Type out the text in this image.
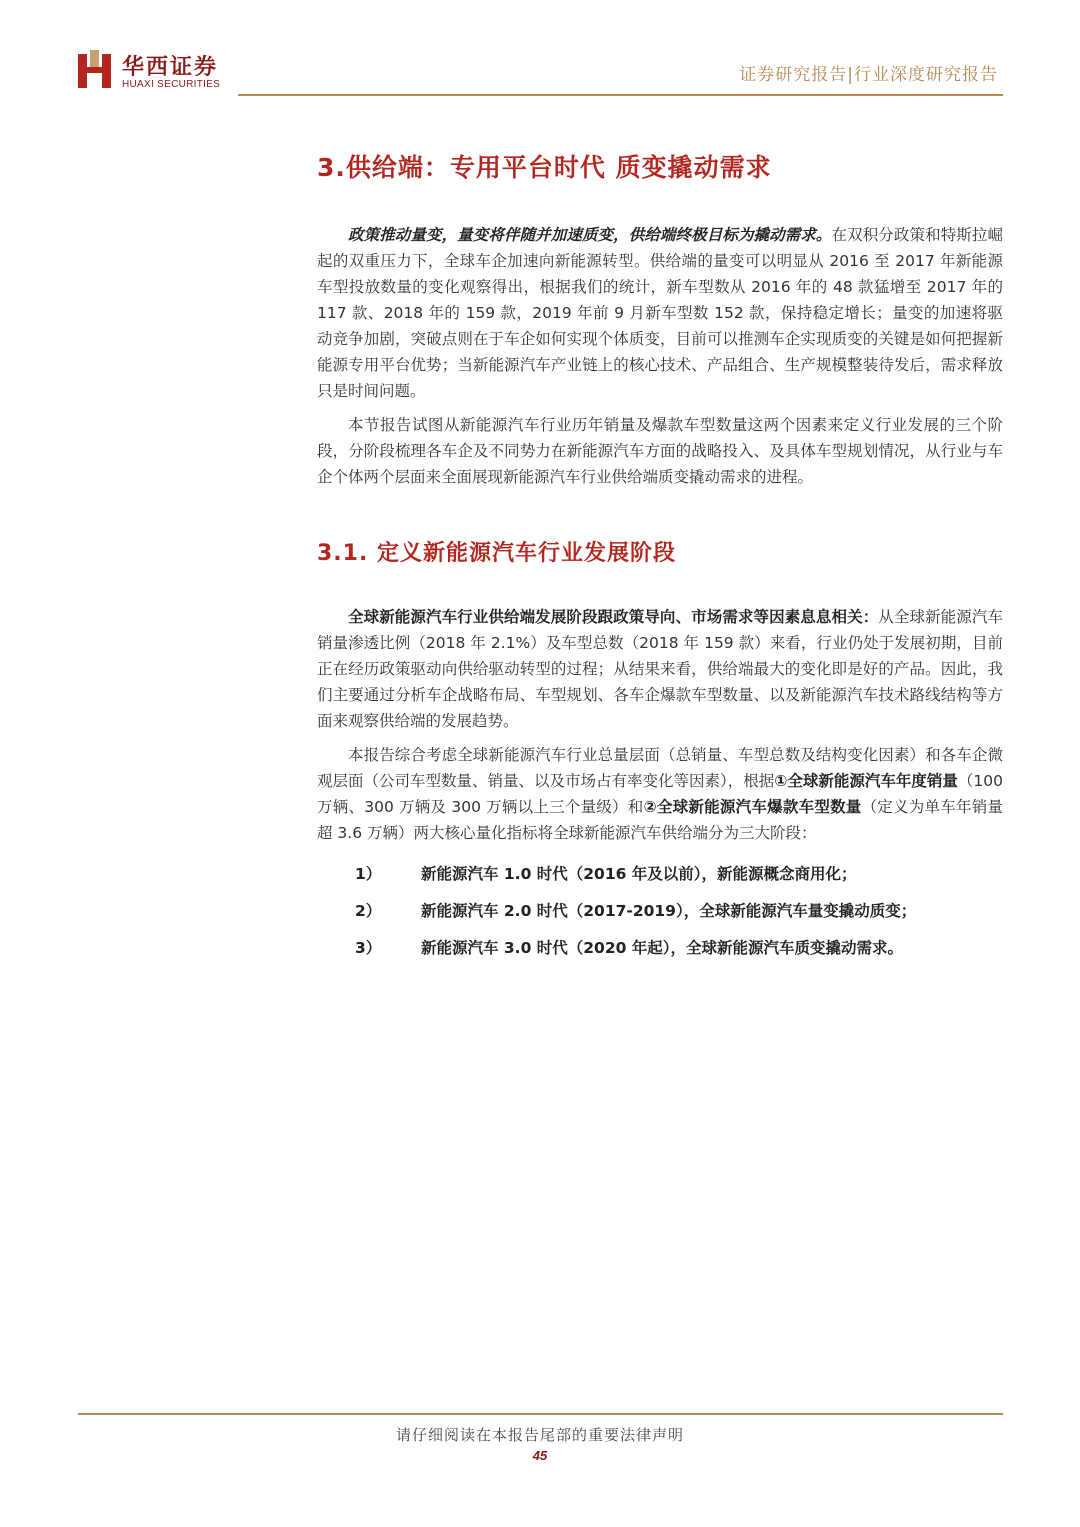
华西证券
HUAXI SECURITIES	证券研究报告|行业深度研究报告
3.供给端：专用平台时代 质变撬动需求

政策推动量变，量变将伴随并加速质变，供给端终极目标为撬动需求。在双积分政策和特斯拉崛起的双重压力下，全球车企加速向新能源转型。供给端的量变可以明显从 2016 至 2017 年新能源车型投放数量的变化观察得出，根据我们的统计，新车型数从 2016 年的 48 款猛增至 2017 年的 117 款、2018 年的 159 款，2019 年前 9 月新车型数 152 款，保持稳定增长；量变的加速将驱动竞争加剧，突破点则在于车企如何实现个体质变，目前可以推测车企实现质变的关键是如何把握新能源专用平台优势；当新能源汽车产业链上的核心技术、产品组合、生产规模整装待发后，需求释放只是时间问题。

本节报告试图从新能源汽车行业历年销量及爆款车型数量这两个因素来定义行业发展的三个阶段，分阶段梳理各车企及不同势力在新能源汽车方面的战略投入、及具体车型规划情况，从行业与车企个体两个层面来全面展现新能源汽车行业供给端质变撬动需求的进程。

3.1. 定义新能源汽车行业发展阶段

全球新能源汽车行业供给端发展阶段跟政策导向、市场需求等因素息息相关：从全球新能源汽车销量渗透比例（2018 年 2.1%）及车型总数（2018 年 159 款）来看，行业仍处于发展初期，目前正在经历政策驱动向供给驱动转型的过程；从结果来看，供给端最大的变化即是好的产品。因此，我们主要通过分析车企战略布局、车型规划、各车企爆款车型数量、以及新能源汽车技术路线结构等方面来观察供给端的发展趋势。

本报告综合考虑全球新能源汽车行业总量层面（总销量、车型总数及结构变化因素）和各车企微观层面（公司车型数量、销量、以及市场占有率变化等因素），根据①全球新能源汽车年度销量（100 万辆、300 万辆及 300 万辆以上三个量级）和②全球新能源汽车爆款车型数量（定义为单车年销量超 3.6 万辆）两大核心量化指标将全球新能源汽车供给端分为三大阶段：

1）	新能源汽车 1.0 时代（2016 年及以前），新能源概念商用化；
2）	新能源汽车 2.0 时代（2017-2019），全球新能源汽车量变撬动质变；
3）	新能源汽车 3.0 时代（2020 年起），全球新能源汽车质变撬动需求。
请仔细阅读在本报告尾部的重要法律声明
45
